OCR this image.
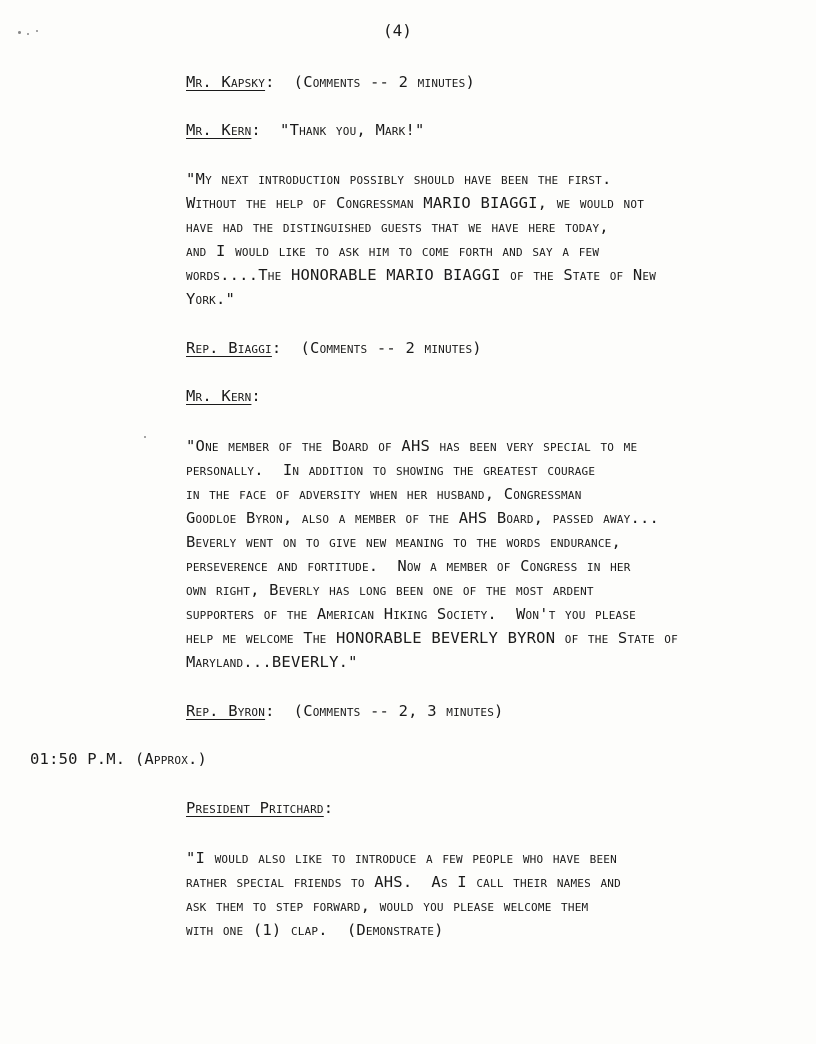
(4)
Mr. Kapsky:  (Comments -- 2 minutes)
Mr. Kern:  "Thank you, Mark!"
"My next introduction possibly should have been the first.
Without the help of Congressman MARIO BIAGGI, we would not
have had the distinguished guests that we have here today,
and I would like to ask him to come forth and say a few
words....The HONORABLE MARIO BIAGGI of the State of New
York."
Rep. Biaggi:  (Comments -- 2 minutes)
Mr. Kern:
"One member of the Board of AHS has been very special to me
personally.  In addition to showing the greatest courage
in the face of adversity when her husband, Congressman
Goodloe Byron, also a member of the AHS Board, passed away...
Beverly went on to give new meaning to the words endurance,
perseverence and fortitude.  Now a member of Congress in her
own right, Beverly has long been one of the most ardent
supporters of the American Hiking Society.  Won't you please
help me welcome The HONORABLE BEVERLY BYRON of the State of
Maryland...BEVERLY."
Rep. Byron:  (Comments -- 2, 3 minutes)
01:50 P.M. (Approx.)
President Pritchard:
"I would also like to introduce a few people who have been
rather special friends to AHS.  As I call their names and
ask them to step forward, would you please welcome them
with one (1) clap.  (Demonstrate)
